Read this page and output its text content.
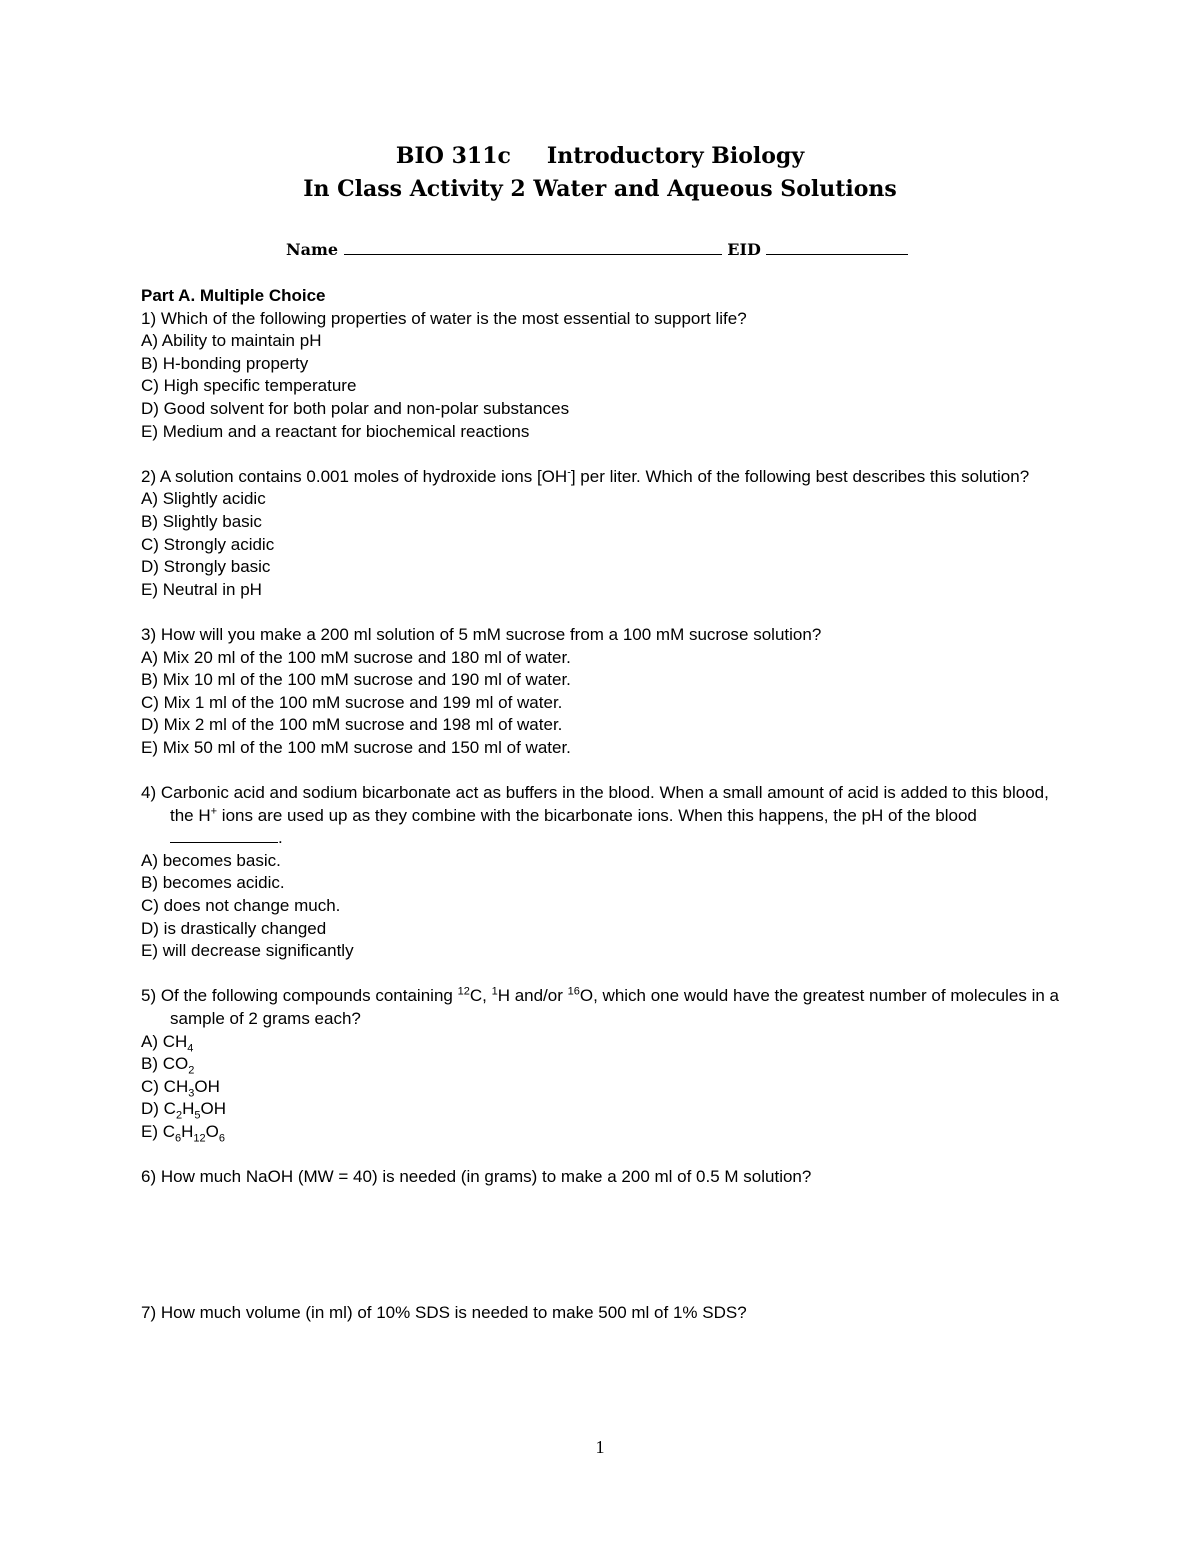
BIO 311c Introductory Biology
In Class Activity 2 Water and Aqueous Solutions
Name	EID

Part A. Multiple Choice

1) Which of the following properties of water is the most essential to support life?

A) Ability to maintain pH

B) H-bonding property

C) High specific temperature

D) Good solvent for both polar and non-polar substances

E) Medium and a reactant for biochemical reactions

2) A solution contains 0.001 moles of hydroxide ions [OH-] per liter. Which of the following best describes this solution?

A) Slightly acidic

B) Slightly basic

C) Strongly acidic

D) Strongly basic

E) Neutral in pH

3) How will you make a 200 ml solution of 5 mM sucrose from a 100 mM sucrose solution?

A) Mix 20 ml of the 100 mM sucrose and 180 ml of water.

B) Mix 10 ml of the 100 mM sucrose and 190 ml of water.

C) Mix 1 ml of the 100 mM sucrose and 199 ml of water.

D) Mix 2 ml of the 100 mM sucrose and 198 ml of water.

E) Mix 50 ml of the 100 mM sucrose and 150 ml of water.

4) Carbonic acid and sodium bicarbonate act as buffers in the blood. When a small amount of acid is added to this blood, the H+ ions are used up as they combine with the bicarbonate ions. When this happens, the pH of the blood .

A) becomes basic.

B) becomes acidic.

C) does not change much.

D) is drastically changed

E) will decrease significantly

5) Of the following compounds containing $^{12}$C, $^1$H and/or $^{16}$O, which one would have the greatest number of molecules in a sample of 2 grams each?

A) $CH_4$

B) $CO_2$

C) $CH_3OH$

D) $C_2H_5OH$

E) $C_6H_{12}O_6$

6) How much NaOH (MW = 40) is needed (in grams) to make a 200 ml of 0.5 M solution?

7) How much volume (in ml) of 10% SDS is needed to make 500 ml of 1% SDS?

1
